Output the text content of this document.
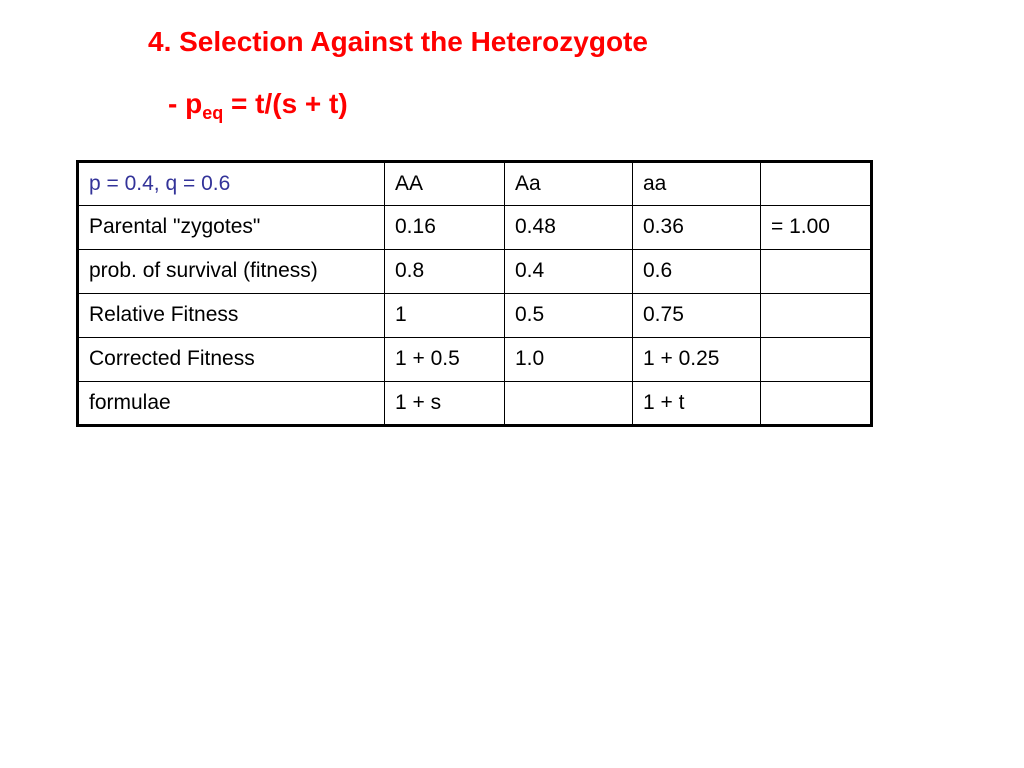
4. Selection Against the Heterozygote
- $p_{eq} = t/(s + t)$
p = 0.4, q = 0.6	AA	Aa	aa	
Parental "zygotes"	0.16	0.48	0.36	= 1.00
prob. of survival (fitness)	0.8	0.4	0.6	
Relative Fitness	1	0.5	0.75	
Corrected Fitness	1 + 0.5	1.0	1 + 0.25	
formulae	1 + s		1 + t	
